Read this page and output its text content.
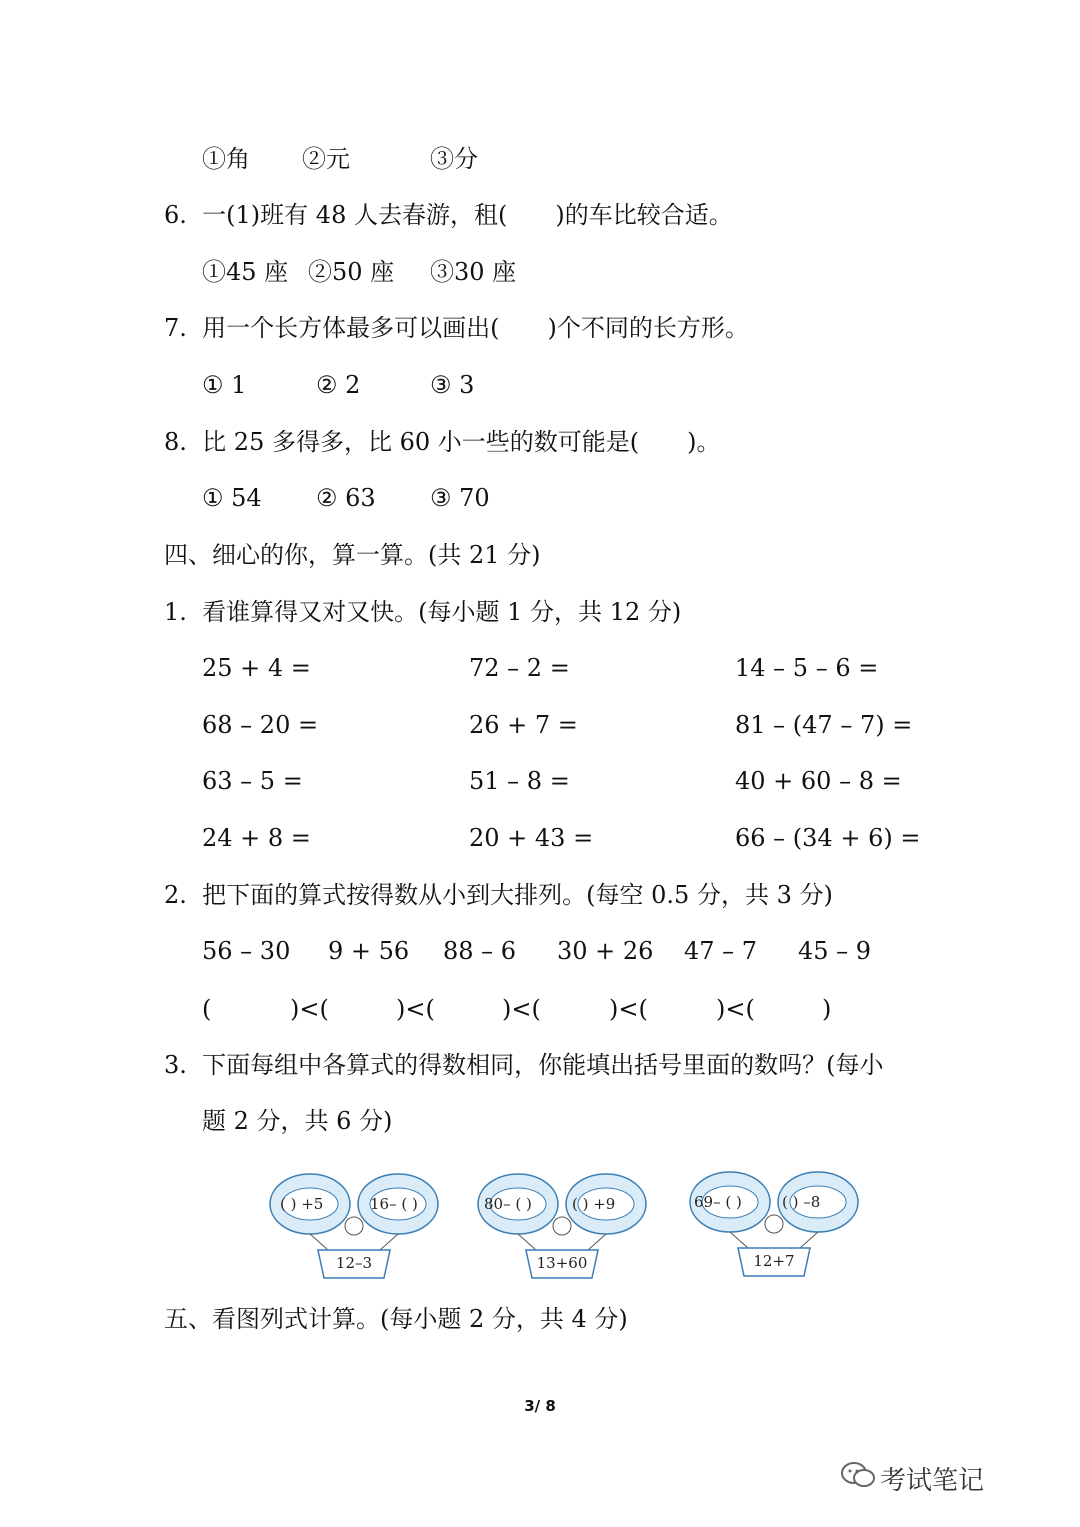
①角 ②元	③分
6. 一(1)班有 48 人去春游，租( )的车比较合适。
①45 座 ②50 座 ③30 座
7. 用一个长方体最多可以画出( )个不同的长方形。
① 1	② 2	③ 3
8. 比 25 多得多，比 60 小一些的数可能是( )。
① 54 ② 63 ③ 70
四、细心的你，算一算。(共 21 分)
1. 看谁算得又对又快。(每小题 1 分，共 12 分)
25 + 4 =	72 – 2 =	14 – 5 – 6 =
68 – 20 =	26 + 7 =	81 – (47 – 7) =
63 – 5 =	51 – 8 =	40 + 60 – 8 =
24 + 8 =	20 + 43 =	66 – (34 + 6) =
2. 把下面的算式按得数从小到大排列。(每空 0.5 分，共 3 分)
56 – 30 9 + 56 88 – 6 30 + 26 47 – 7 45 – 9
(	)<(	)<(	)<(	)<(	)<(	)
3. 下面每组中各算式的得数相同，你能填出括号里面的数吗？(每小
题 2 分，共 6 分)
( ) +5	16– ( )
12–3
80– ( )	( ) +9
13+60
69– ( )	( ) –8
12+7
五、看图列式计算。(每小题 2 分，共 4 分)
3/ 8
考试笔记
